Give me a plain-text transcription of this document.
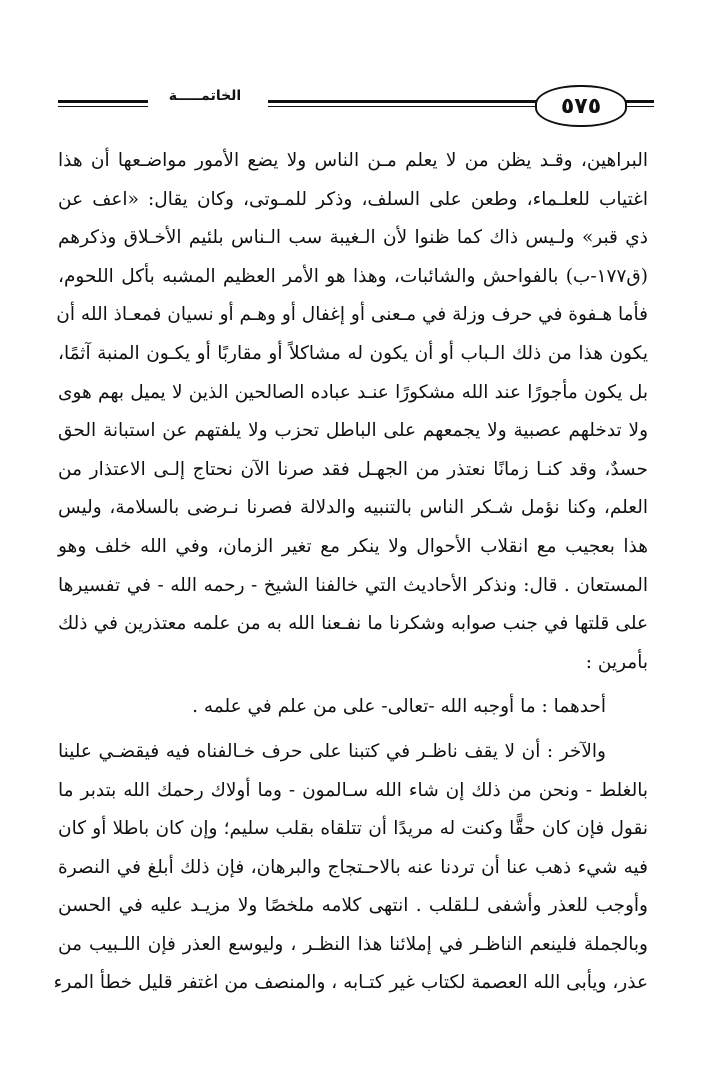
٥٧٥
الخاتمـــــة
البراهين، وقـد يظن من لا يعلم مـن الناس ولا يضع الأمور مواضـعها أن هذا
اغتياب للعلـماء، وطعن على السلف، وذكر للمـوتى، وكان يقال: «اعف عن
ذي قبر» ولـيس ذاك كما ظنوا لأن الـغيبة سب الـناس بلئيم الأخـلاق وذكرهم
(ق١٧٧-ب) بالفواحش والشائبات، وهذا هو الأمر العظيم المشبه بأكل اللحوم،
فأما هـفوة في حرف وزلة في مـعنى أو إغفال أو وهـم أو نسيان فمعـاذ الله أن
يكون هذا من ذلك الـباب أو أن يكون له مشاكلاً أو مقاربًا أو يكـون المنبة آثمًا،
بل يكون مأجورًا عند الله مشكورًا عنـد عباده الصالحين الذين لا يميل بهم هوى
ولا تدخلهم عصبية ولا يجمعهم على الباطل تحزب ولا يلفتهم عن استبانة الحق
حسدٌ، وقد كنـا زمانًا نعتذر من الجهـل فقد صرنا الآن نحتاج إلـى الاعتذار من
العلم، وكنا نؤمل شـكر الناس بالتنبيه والدلالة فصرنا نـرضى بالسلامة، وليس
هذا بعجيب مع انقلاب الأحوال ولا ينكر مع تغير الزمان، وفي الله خلف وهو
المستعان . قال: ونذكر الأحاديث التي خالفنا الشيخ - رحمه الله - في تفسيرها
على قلتها في جنب صوابه وشكرنا ما نفـعنا الله به من علمه معتذرين في ذلك
بأمرين :
أحدهما : ما أوجبه الله -تعالى- على من علم في علمه .
والآخر : أن لا يقف ناظـر في كتبنا على حرف خـالفناه فيه فيقضـي علينا
بالغلط - ونحن من ذلك إن شاء الله سـالمون - وما أولاك رحمك الله بتدبر ما
نقول فإن كان حقًّا وكنت له مريدًا أن تتلقاه بقلب سليم؛ وإن كان باطلا أو كان
فيه شيء ذهب عنا أن تردنا عنه بالاحـتجاج والبرهان، فإن ذلك أبلغ في النصرة
وأوجب للعذر وأشفى لـلقلب . انتهى كلامه ملخصًا ولا مزيـد عليه في الحسن
وبالجملة فلينعم الناظـر في إملائنا هذا النظـر ، وليوسع العذر فإن اللـبيب من
عذر، ويأبى الله العصمة لكتاب غير كتـابه ، والمنصف من اغتفر قليل خطأ المرء
